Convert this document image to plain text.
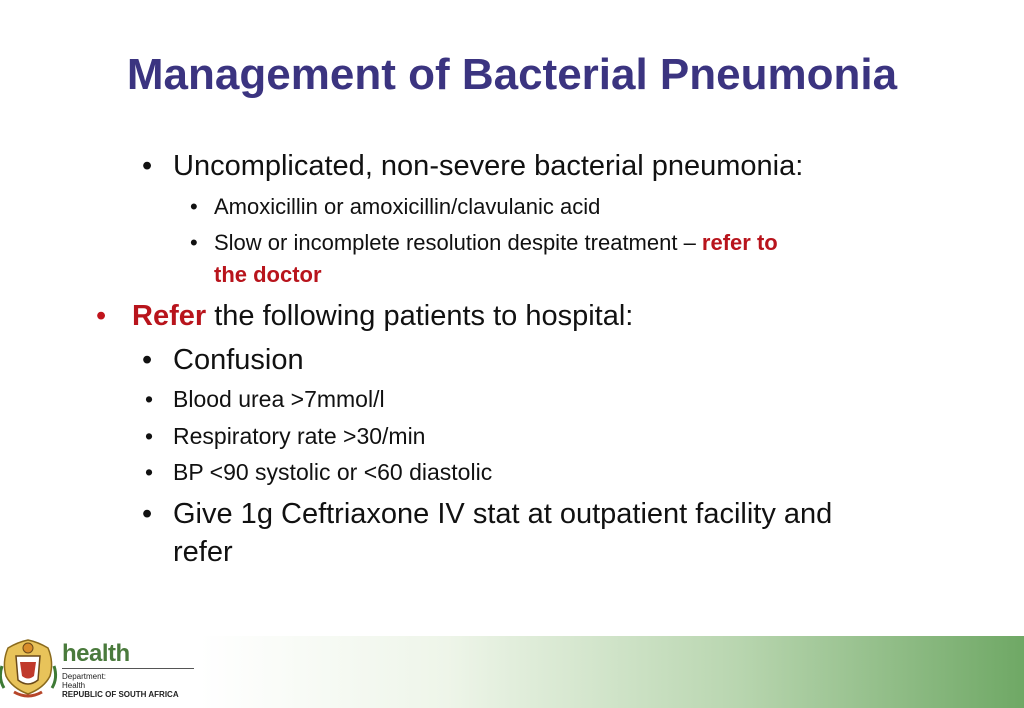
Management of Bacterial Pneumonia
• Uncomplicated, non-severe bacterial pneumonia:
• Amoxicillin or amoxicillin/clavulanic acid
• Slow or incomplete resolution despite treatment – refer to
the doctor
• Refer the following patients to hospital:
• Confusion
• Blood urea >7mmol/l
• Respiratory rate >30/min
• BP <90 systolic or <60 diastolic
• Give 1g Ceftriaxone IV stat at outpatient facility and
refer
health
Department:
Health
REPUBLIC OF SOUTH AFRICA
